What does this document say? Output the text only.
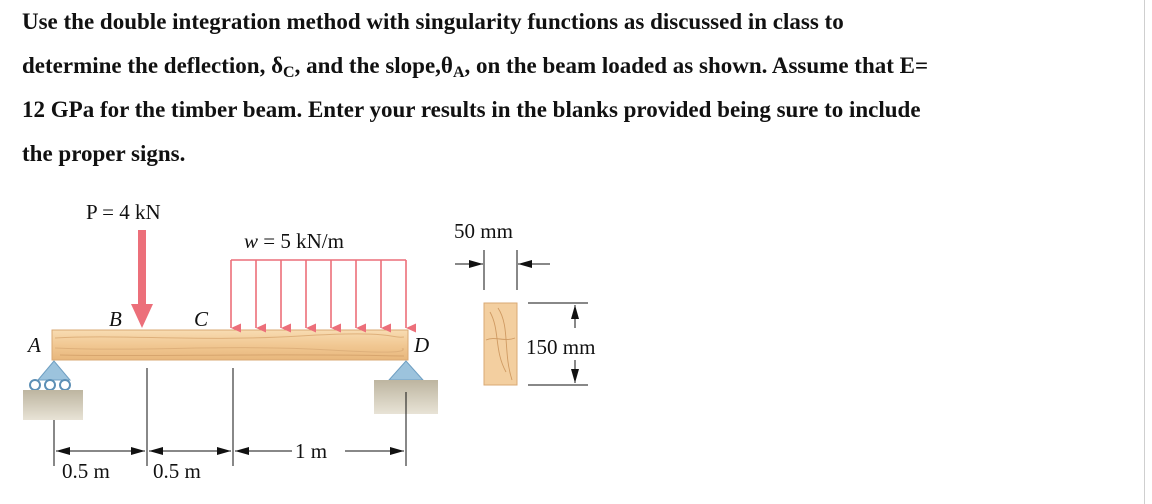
Use the double integration method with singularity functions as discussed in class to
determine the deflection, $\delta_C$, and the $slope,\theta_A$, on the beam loaded as shown. Assume that E=
12 GPa for the timber beam. Enter your results in the blanks provided being sure to include
the proper signs.
P = 4 kN
w = 5 kN/m
A
B	C
D
0.5 m 0.5 m
1 m
50 mm
150 mm
